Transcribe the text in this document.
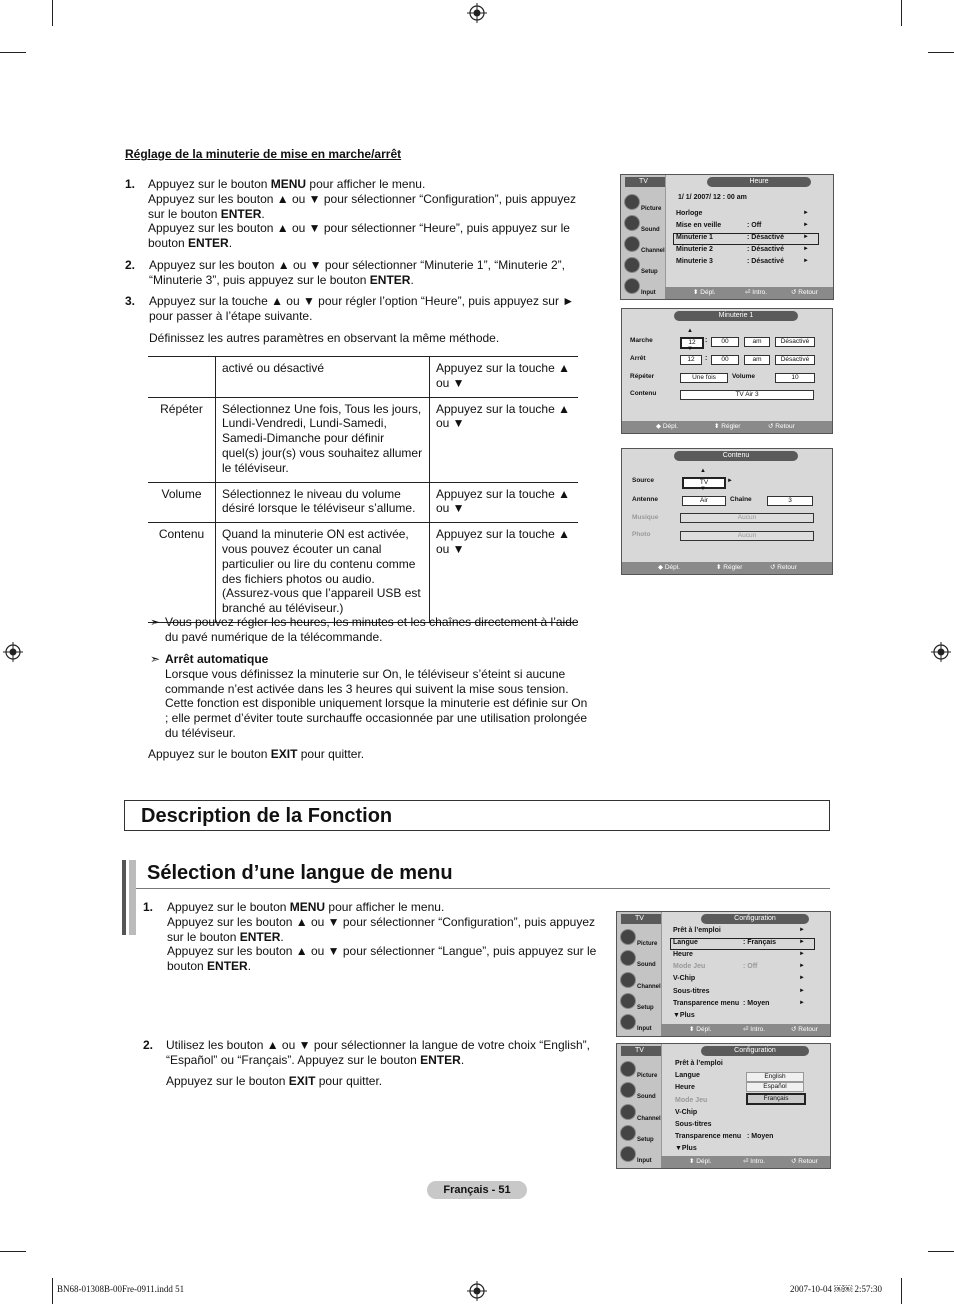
Réglage de la minuterie de mise en marche/arrêt
1. Appuyez sur le bouton MENU pour afficher le menu.
Appuyez sur les bouton ▲ ou ▼ pour sélectionner “Configuration”, puis appuyez
sur le bouton ENTER.
Appuyez sur les bouton ▲ ou ▼ pour sélectionner “Heure”, puis appuyez sur le
bouton ENTER.
2. Appuyez sur les bouton ▲ ou ▼ pour sélectionner “Minuterie 1”, “Minuterie 2”,
“Minuterie 3”, puis appuyez sur le bouton ENTER.
3. Appuyez sur la touche ▲ ou ▼ pour régler l’option “Heure”, puis appuyez sur ►
pour passer à l’étape suivante.
Définissez les autres paramètres en observant la même méthode.
	activé ou désactivé	Appuyez sur la touche ▲ ou ▼
Répéter	Sélectionnez Une fois, Tous les jours, Lundi-Vendredi, Lundi-Samedi, Samedi-Dimanche pour définir quel(s) jour(s) vous souhaitez allumer le téléviseur.	Appuyez sur la touche ▲ ou ▼
Volume	Sélectionnez le niveau du volume désiré lorsque le téléviseur s’allume.	Appuyez sur la touche ▲ ou ▼
Contenu	Quand la minuterie ON est activée, vous pouvez écouter un canal particulier ou lire du contenu comme des fichiers photos ou audio. (Assurez-vous que l’appareil USB est branché au téléviseur.)	Appuyez sur la touche ▲ ou ▼
➣ Vous pouvez régler les heures, les minutes et les chaînes directement à l’aide
du pavé numérique de la télécommande.
➣ Arrêt automatique
Lorsque vous définissez la minuterie sur On, le téléviseur s’éteint si aucune
commande n’est activée dans les 3 heures qui suivent la mise sous tension.
Cette fonction est disponible uniquement lorsque la minuterie est définie sur On
; elle permet d’éviter toute surchauffe occasionnée par une utilisation prolongée
du téléviseur.
Appuyez sur le bouton EXIT pour quitter.
Description de la Fonction
Sélection d’une langue de menu
1. Appuyez sur le bouton MENU pour afficher le menu.
Appuyez sur les bouton ▲ ou ▼ pour sélectionner “Configuration”, puis appuyez
sur le bouton ENTER.
Appuyez sur les bouton ▲ ou ▼ pour sélectionner “Langue”, puis appuyez sur le
bouton ENTER.
2. Utilisez les bouton ▲ ou ▼ pour sélectionner la langue de votre choix “English”,
“Español” ou “Français”. Appuyez sur le bouton ENTER.
Appuyez sur le bouton EXIT pour quitter.
TV	Heure
Picture
Sound
Channel
Setup
Input
1/ 1/ 2007/ 12 : 00 am
Horloge
Mise en veille	: Off
Minuterie 1	: Désactivé
Minuterie 2	: Désactivé
Minuterie 3	: Désactivé
►
►
►
►
►
⬍ Dépl.	⏎ Intro.	↺ Retour
Minuterie 1
Marche
Arrêt
Répéter
Contenu
▲
12
▼
:	00	am	Désactivé
12	:	00	am	Désactivé
Une fois	Volume	10
TV Air 3
◆ Dépl.	⬍ Régler	↺ Retour
Contenu
Source
Antenne
Musique
Photo
▲
TV	►
▼
Air	Chaîne	3
Aucun
Aucun
◆ Dépl.	⬍ Régler	↺ Retour
TV	Configuration
Picture
Sound
Channel
Setup
Input
Prêt à l’emploi
Langue	: Français
Heure
Mode Jeu	: Off
V-Chip
Sous-titres
Transparence menu : Moyen
▼Plus
►
►
►
►
►
►
►
⬍ Dépl.	⏎ Intro.	↺ Retour
TV	Configuration
Picture
Sound
Channel
Setup
Input
Prêt à l’emploi
Langue
Heure
Mode Jeu
V-Chip
Sous-titres
Transparence menu : Moyen
▼Plus
English
Español
Français
⬍ Dépl.	⏎ Intro.	↺ Retour
Français - 51
BN68-01308B-00Fre-0911.indd 51	2007-10-04 ￼￼ 2:57:30
